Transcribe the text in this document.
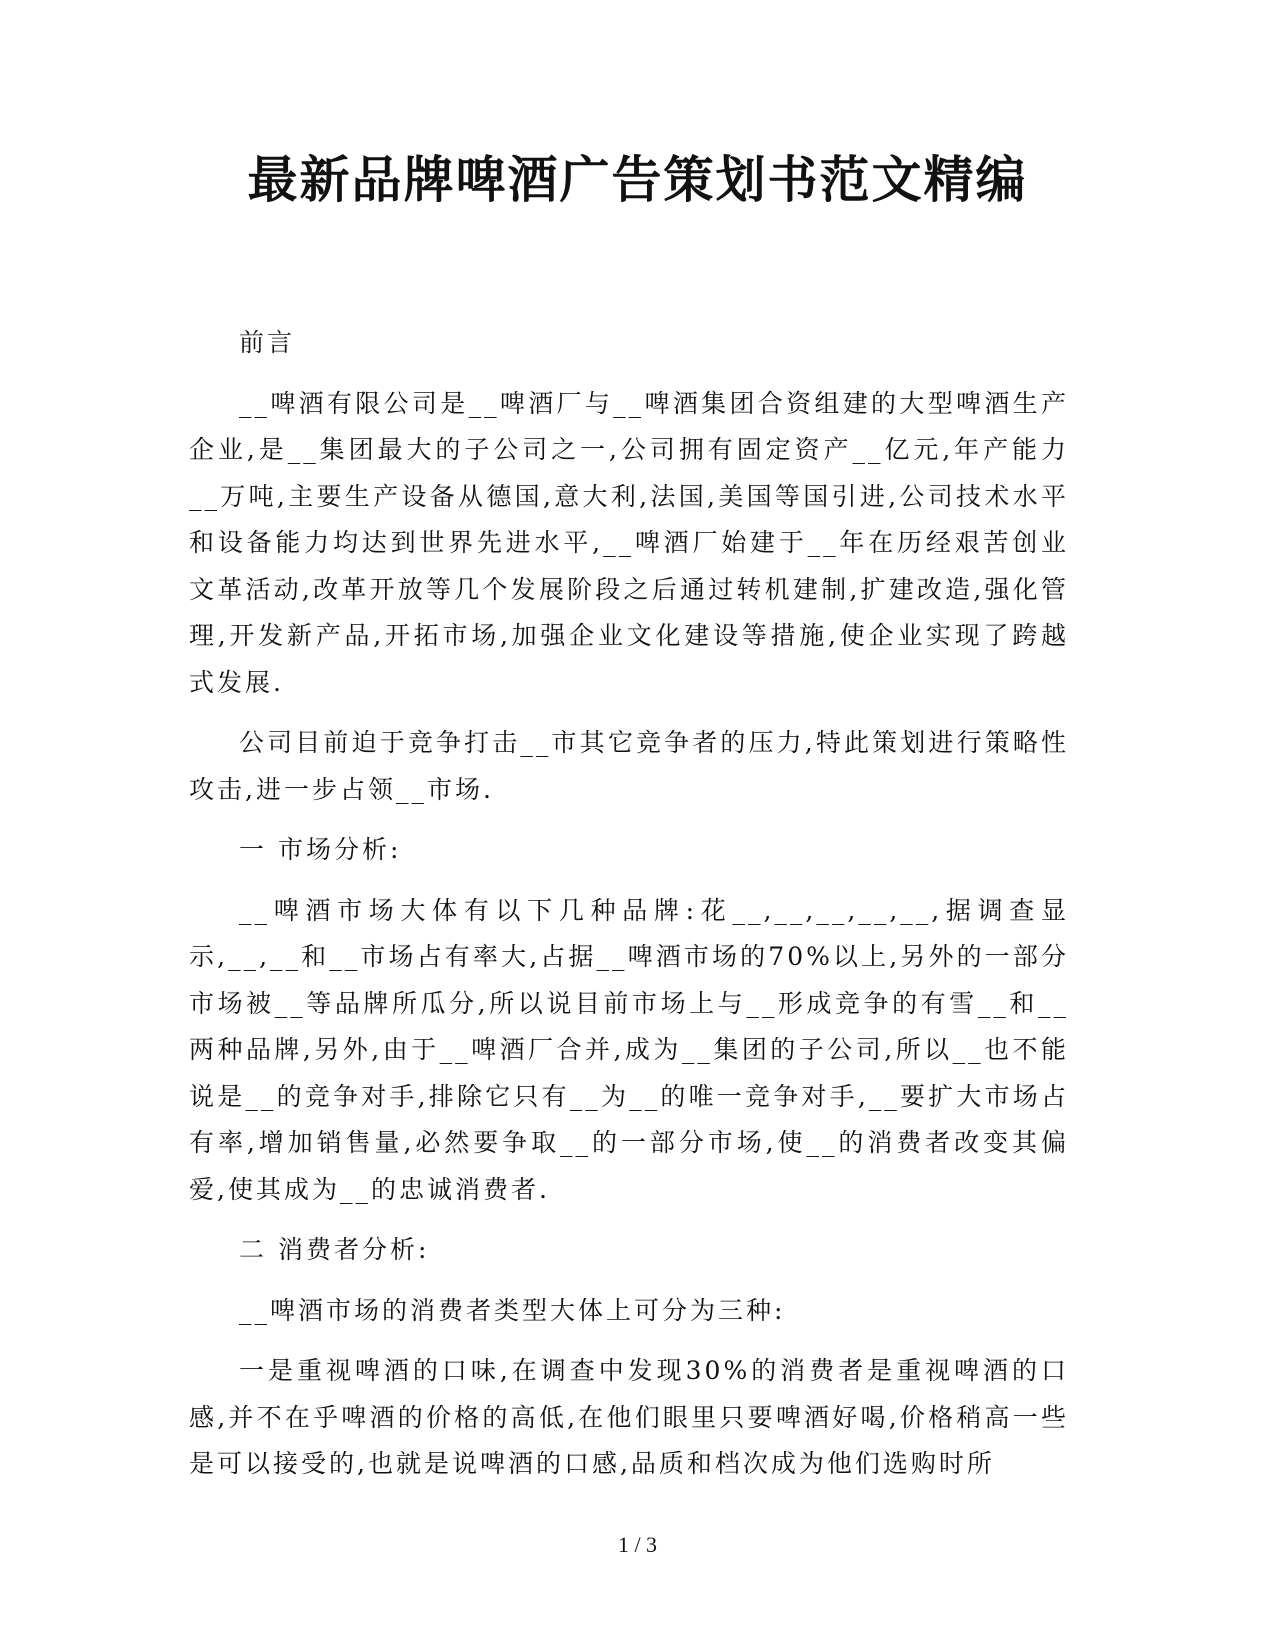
最新品牌啤酒广告策划书范文精编

前言

__啤酒有限公司是__啤酒厂与__啤酒集团合资组建的大型啤酒生产企业,是__集团最大的子公司之一,公司拥有固定资产__亿元,年产能力__万吨,主要生产设备从德国,意大利,法国,美国等国引进,公司技术水平和设备能力均达到世界先进水平,__啤酒厂始建于__年在历经艰苦创业文革活动,改革开放等几个发展阶段之后通过转机建制,扩建改造,强化管理,开发新产品,开拓市场,加强企业文化建设等措施,使企业实现了跨越式发展.

公司目前迫于竞争打击__市其它竞争者的压力,特此策划进行策略性攻击,进一步占领__市场.

一 市场分析:

__啤酒市场大体有以下几种品牌:花__,__,__,__,__,据调查显示,__,__和__市场占有率大,占据__啤酒市场的70%以上,另外的一部分市场被__等品牌所瓜分,所以说目前市场上与__形成竞争的有雪__和__两种品牌,另外,由于__啤酒厂合并,成为__集团的子公司,所以__也不能说是__的竞争对手,排除它只有__为__的唯一竞争对手,__要扩大市场占有率,增加销售量,必然要争取__的一部分市场,使__的消费者改变其偏爱,使其成为__的忠诚消费者.

二 消费者分析:

__啤酒市场的消费者类型大体上可分为三种:

一是重视啤酒的口味,在调查中发现30%的消费者是重视啤酒的口感,并不在乎啤酒的价格的高低,在他们眼里只要啤酒好喝,价格稍高一些是可以接受的,也就是说啤酒的口感,品质和档次成为他们选购时所

1 / 3
